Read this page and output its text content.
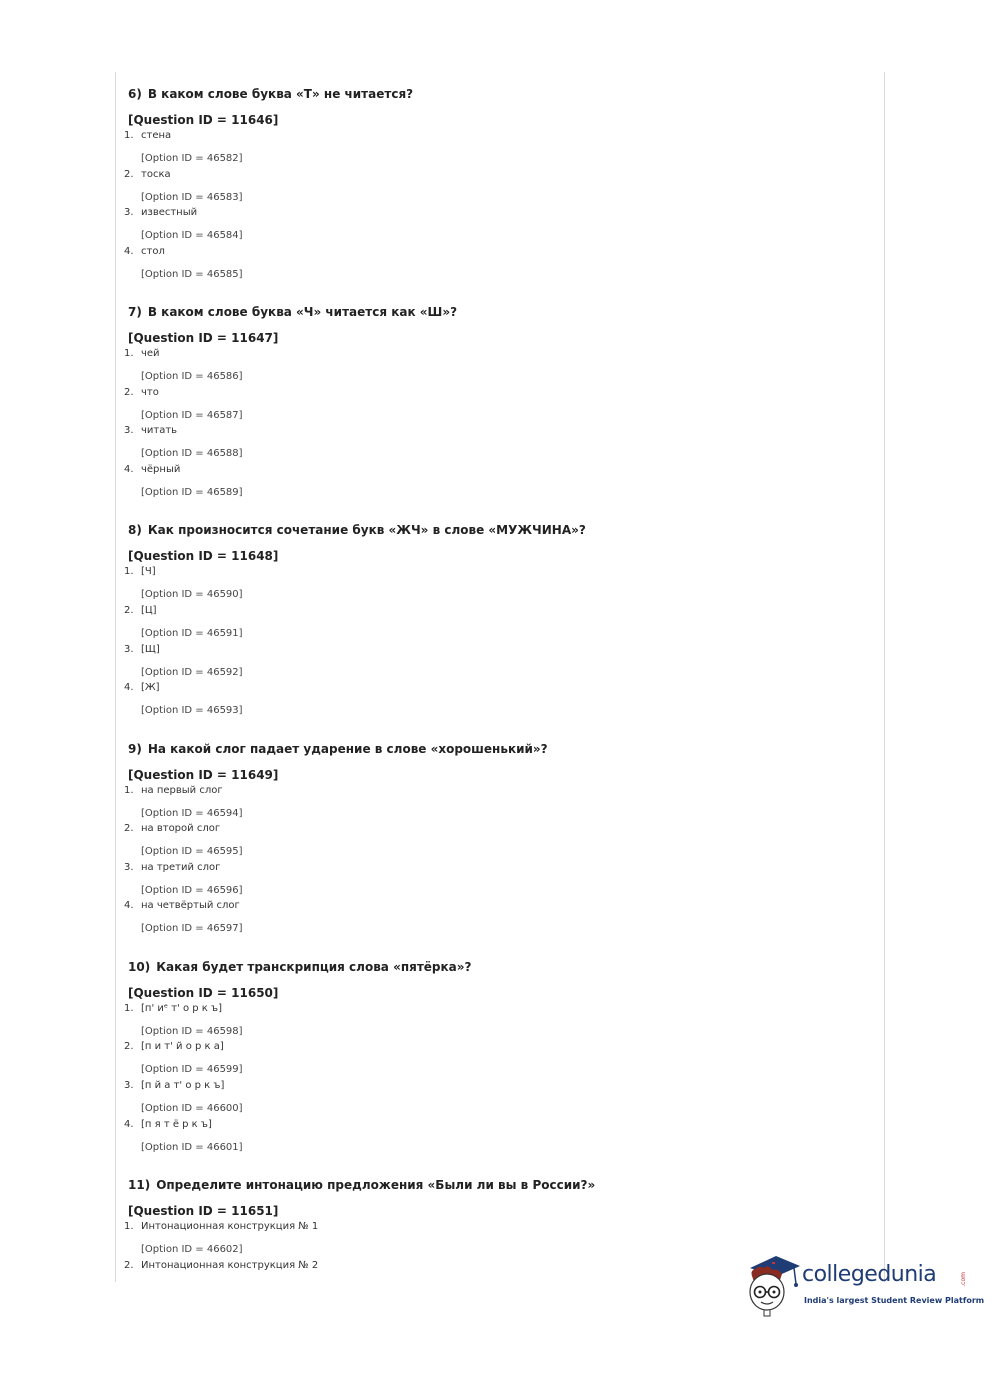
6) В каком слове буква «Т» не читается?
[Question ID = 11646]
1. стена
[Option ID = 46582]
2. тоска
[Option ID = 46583]
3. известный
[Option ID = 46584]
4. стол
[Option ID = 46585]
7) В каком слове буква «Ч» читается как «Ш»?
[Question ID = 11647]
1. чей
[Option ID = 46586]
2. что
[Option ID = 46587]
3. читать
[Option ID = 46588]
4. чёрный
[Option ID = 46589]
8) Как произносится сочетание букв «ЖЧ» в слове «МУЖЧИНА»?
[Question ID = 11648]
1. [Ч]
[Option ID = 46590]
2. [Ц]
[Option ID = 46591]
3. [Щ]
[Option ID = 46592]
4. [Ж]
[Option ID = 46593]
9) На какой слог падает ударение в слове «хорошенький»?
[Question ID = 11649]
1. на первый слог
[Option ID = 46594]
2. на второй слог
[Option ID = 46595]
3. на третий слог
[Option ID = 46596]
4. на четвёртый слог
[Option ID = 46597]
10) Какая будет транскрипция слова «пятёрка»?
[Question ID = 11650]
1. [п' иᵉ т' о р к ъ]
[Option ID = 46598]
2. [п и т' й о р к а]
[Option ID = 46599]
3. [п й а т' о р к ъ]
[Option ID = 46600]
4. [п я т ё р к ъ]
[Option ID = 46601]
11) Определите интонацию предложения «Были ли вы в России?»
[Question ID = 11651]
1. Интонационная конструкция № 1
[Option ID = 46602]
2. Интонационная конструкция № 2	collegedunia	.com
India's largest Student Review Platform
